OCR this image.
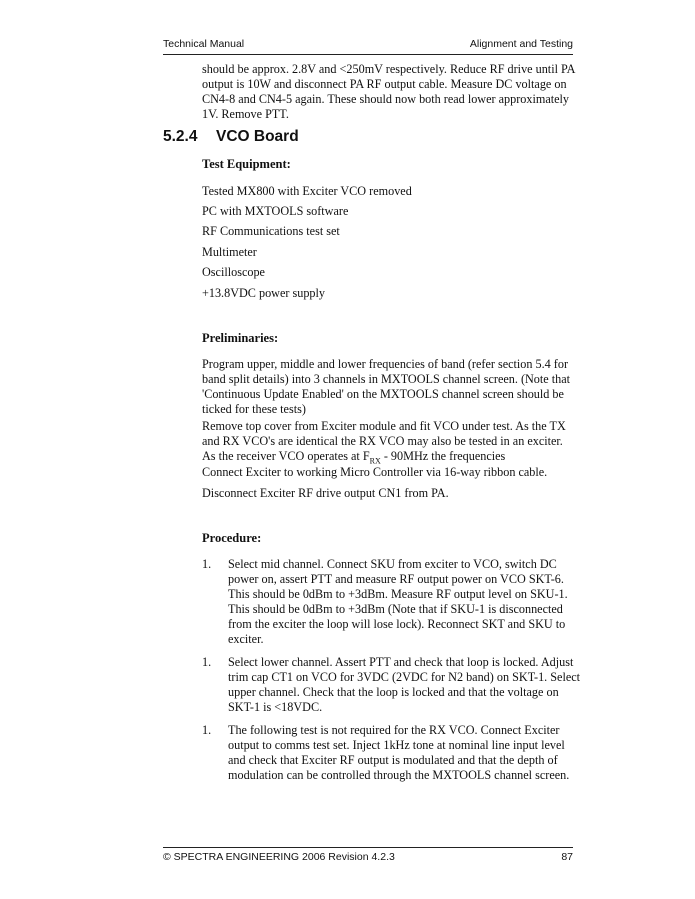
Technical Manual	Alignment and Testing

should be approx. 2.8V and <250mV respectively. Reduce RF drive until PA output is 10W and disconnect PA RF output cable. Measure DC voltage on CN4-8 and CN4-5 again. These should now both read lower approximately 1V. Remove PTT.

5.2.4 VCO Board
Test Equipment:
Tested MX800 with Exciter VCO removed
PC with MXTOOLS software
RF Communications test set
Multimeter
Oscilloscope
+13.8VDC power supply
Preliminaries:

Program upper, middle and lower frequencies of band (refer section 5.4 for band split details) into 3 channels in MXTOOLS channel screen. (Note that 'Continuous Update Enabled' on the MXTOOLS channel screen should be ticked for these tests)

Remove top cover from Exciter module and fit VCO under test. As the TX and RX VCO's are identical the RX VCO may also be tested in an exciter. As the receiver VCO operates at $F_{RX} - 90MHz$ the frequencies

Connect Exciter to working Micro Controller via 16-way ribbon cable.

Disconnect Exciter RF drive output CN1 from PA.

Procedure:
1.	Select mid channel. Connect SKU from exciter to VCO, switch DC power on, assert PTT and measure RF output power on VCO SKT-6. This should be 0dBm to +3dBm. Measure RF output level on SKU-1. This should be 0dBm to +3dBm (Note that if SKU-1 is disconnected from the exciter the loop will lose lock). Reconnect SKT and SKU to exciter.
1.	Select lower channel. Assert PTT and check that loop is locked. Adjust trim cap CT1 on VCO for 3VDC (2VDC for N2 band) on SKT-1. Select upper channel. Check that the loop is locked and that the voltage on SKT-1 is <18VDC.
1.	The following test is not required for the RX VCO. Connect Exciter output to comms test set. Inject 1kHz tone at nominal line input level and check that Exciter RF output is modulated and that the depth of modulation can be controlled through the MXTOOLS channel screen.
© SPECTRA ENGINEERING 2006 Revision 4.2.3	87
